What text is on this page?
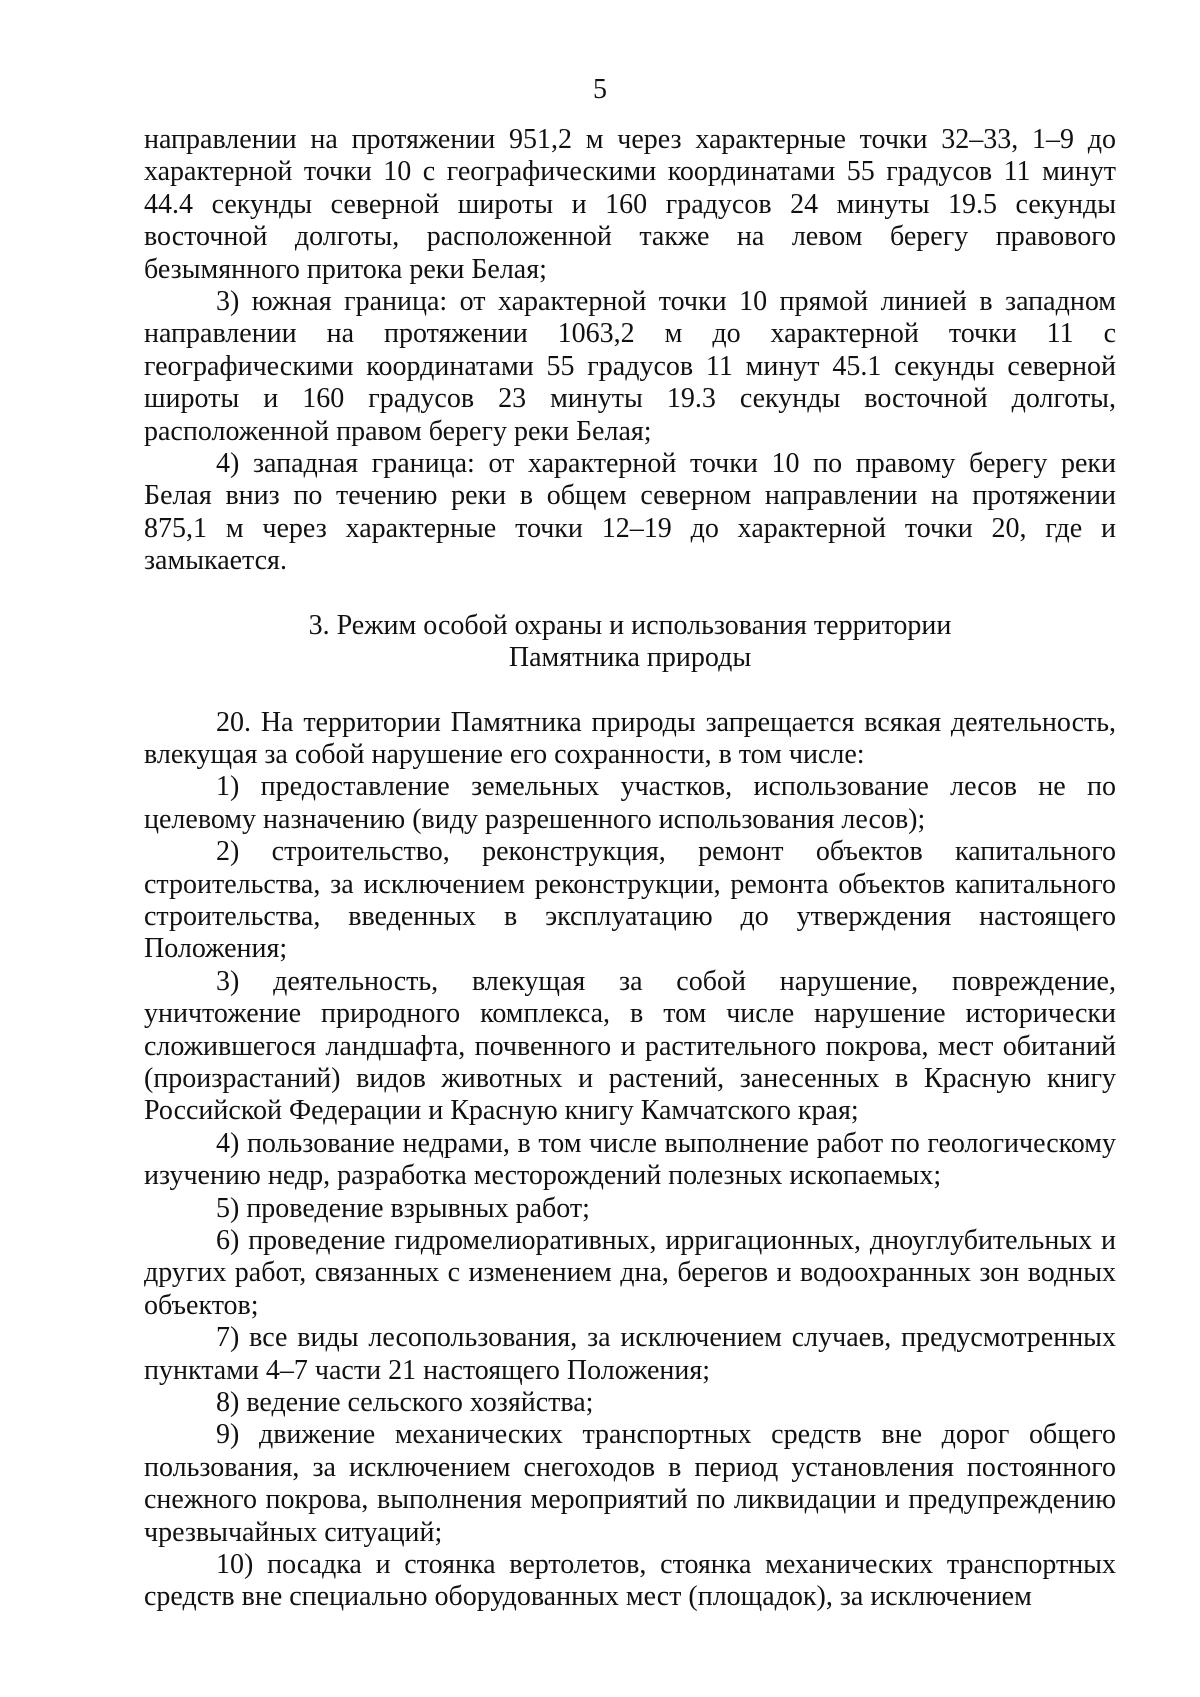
5

направлении на протяжении 951,2 м через характерные точки 32–33, 1–9 до характерной точки 10 с географическими координатами 55 градусов 11 минут 44.4 секунды северной широты и 160 градусов 24 минуты 19.5 секунды восточной долготы, расположенной также на левом берегу правового безымянного притока реки Белая;

3) южная граница: от характерной точки 10 прямой линией в западном направлении на протяжении 1063,2 м до характерной точки 11 с географическими координатами 55 градусов 11 минут 45.1 секунды северной широты и 160 градусов 23 минуты 19.3 секунды восточной долготы, расположенной правом берегу реки Белая;

4) западная граница: от характерной точки 10 по правому берегу реки Белая вниз по течению реки в общем северном направлении на протяжении 875,1 м через характерные точки 12–19 до характерной точки 20, где и замыкается.

3. Режим особой охраны и использования территории
Памятника природы

20. На территории Памятника природы запрещается всякая деятельность, влекущая за собой нарушение его сохранности, в том числе:

1) предоставление земельных участков, использование лесов не по целевому назначению (виду разрешенного использования лесов);

2) строительство, реконструкция, ремонт объектов капитального строительства, за исключением реконструкции, ремонта объектов капитального строительства, введенных в эксплуатацию до утверждения настоящего Положения;

3) деятельность, влекущая за собой нарушение, повреждение, уничтожение природного комплекса, в том числе нарушение исторически сложившегося ландшафта, почвенного и растительного покрова, мест обитаний (произрастаний) видов животных и растений, занесенных в Красную книгу Российской Федерации и Красную книгу Камчатского края;

4) пользование недрами, в том числе выполнение работ по геологическому изучению недр, разработка месторождений полезных ископаемых;

5) проведение взрывных работ;

6) проведение гидромелиоративных, ирригационных, дноуглубительных и других работ, связанных с изменением дна, берегов и водоохранных зон водных объектов;

7) все виды лесопользования, за исключением случаев, предусмотренных пунктами 4–7 части 21 настоящего Положения;

8) ведение сельского хозяйства;

9) движение механических транспортных средств вне дорог общего пользования, за исключением снегоходов в период установления постоянного снежного покрова, выполнения мероприятий по ликвидации и предупреждению чрезвычайных ситуаций;

10) посадка и стоянка вертолетов, стоянка механических транспортных средств вне специально оборудованных мест (площадок), за исключением
